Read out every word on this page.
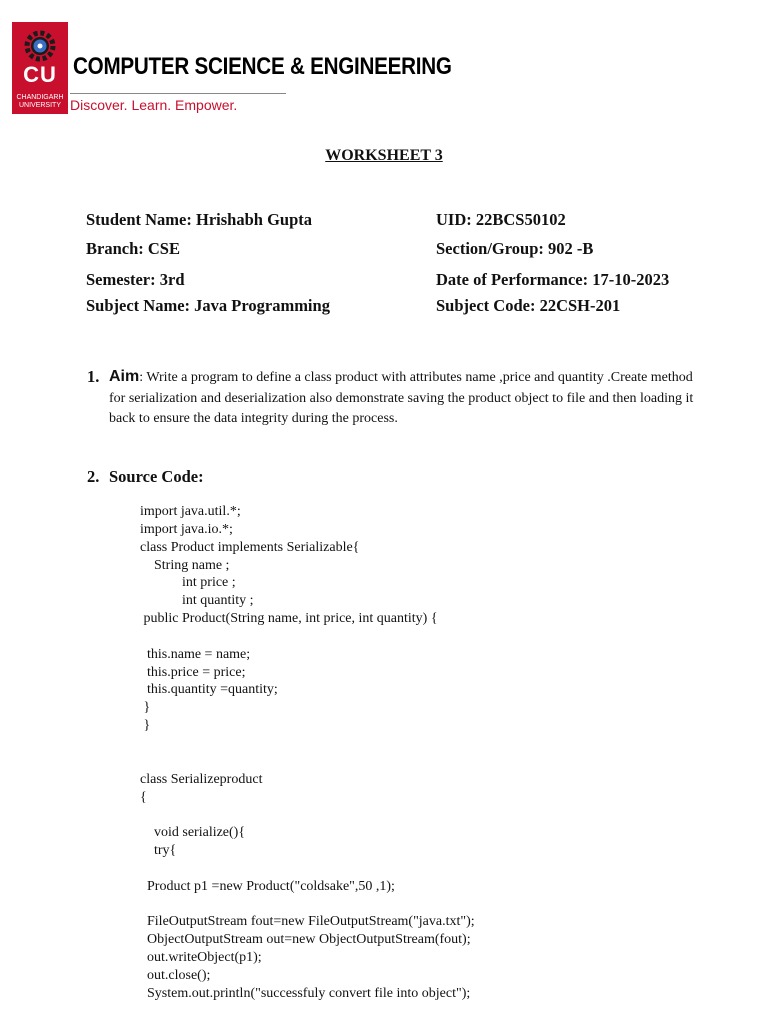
CU
CHANDIGARH
UNIVERSITY
COMPUTER SCIENCE & ENGINEERING
Discover. Learn. Empower.
WORKSHEET 3
Student Name: Hrishabh Gupta	UID: 22BCS50102
Branch: CSE	Section/Group: 902 -B
Semester: 3rd	Date of Performance: 17-10-2023
Subject Name: Java Programming	Subject Code: 22CSH-201
1. Aim: Write a program to define a class product with attributes name ,price and quantity .Create method for serialization and deserialization also demonstrate saving the product object to file and then loading it back to ensure the data integrity during the process.
2. Source Code:
import java.util.*;
import java.io.*;
class Product implements Serializable{
String name ;
int price ;
int quantity ;
public Product(String name, int price, int quantity) {

this.name = name;
this.price = price;
this.quantity =quantity;
}
}

class Serializeproduct
{

void serialize(){
try{

Product p1 =new Product("coldsake",50 ,1);

FileOutputStream fout=new FileOutputStream("java.txt");
ObjectOutputStream out=new ObjectOutputStream(fout);
out.writeObject(p1);
out.close();
System.out.println("successfuly convert file into object");
